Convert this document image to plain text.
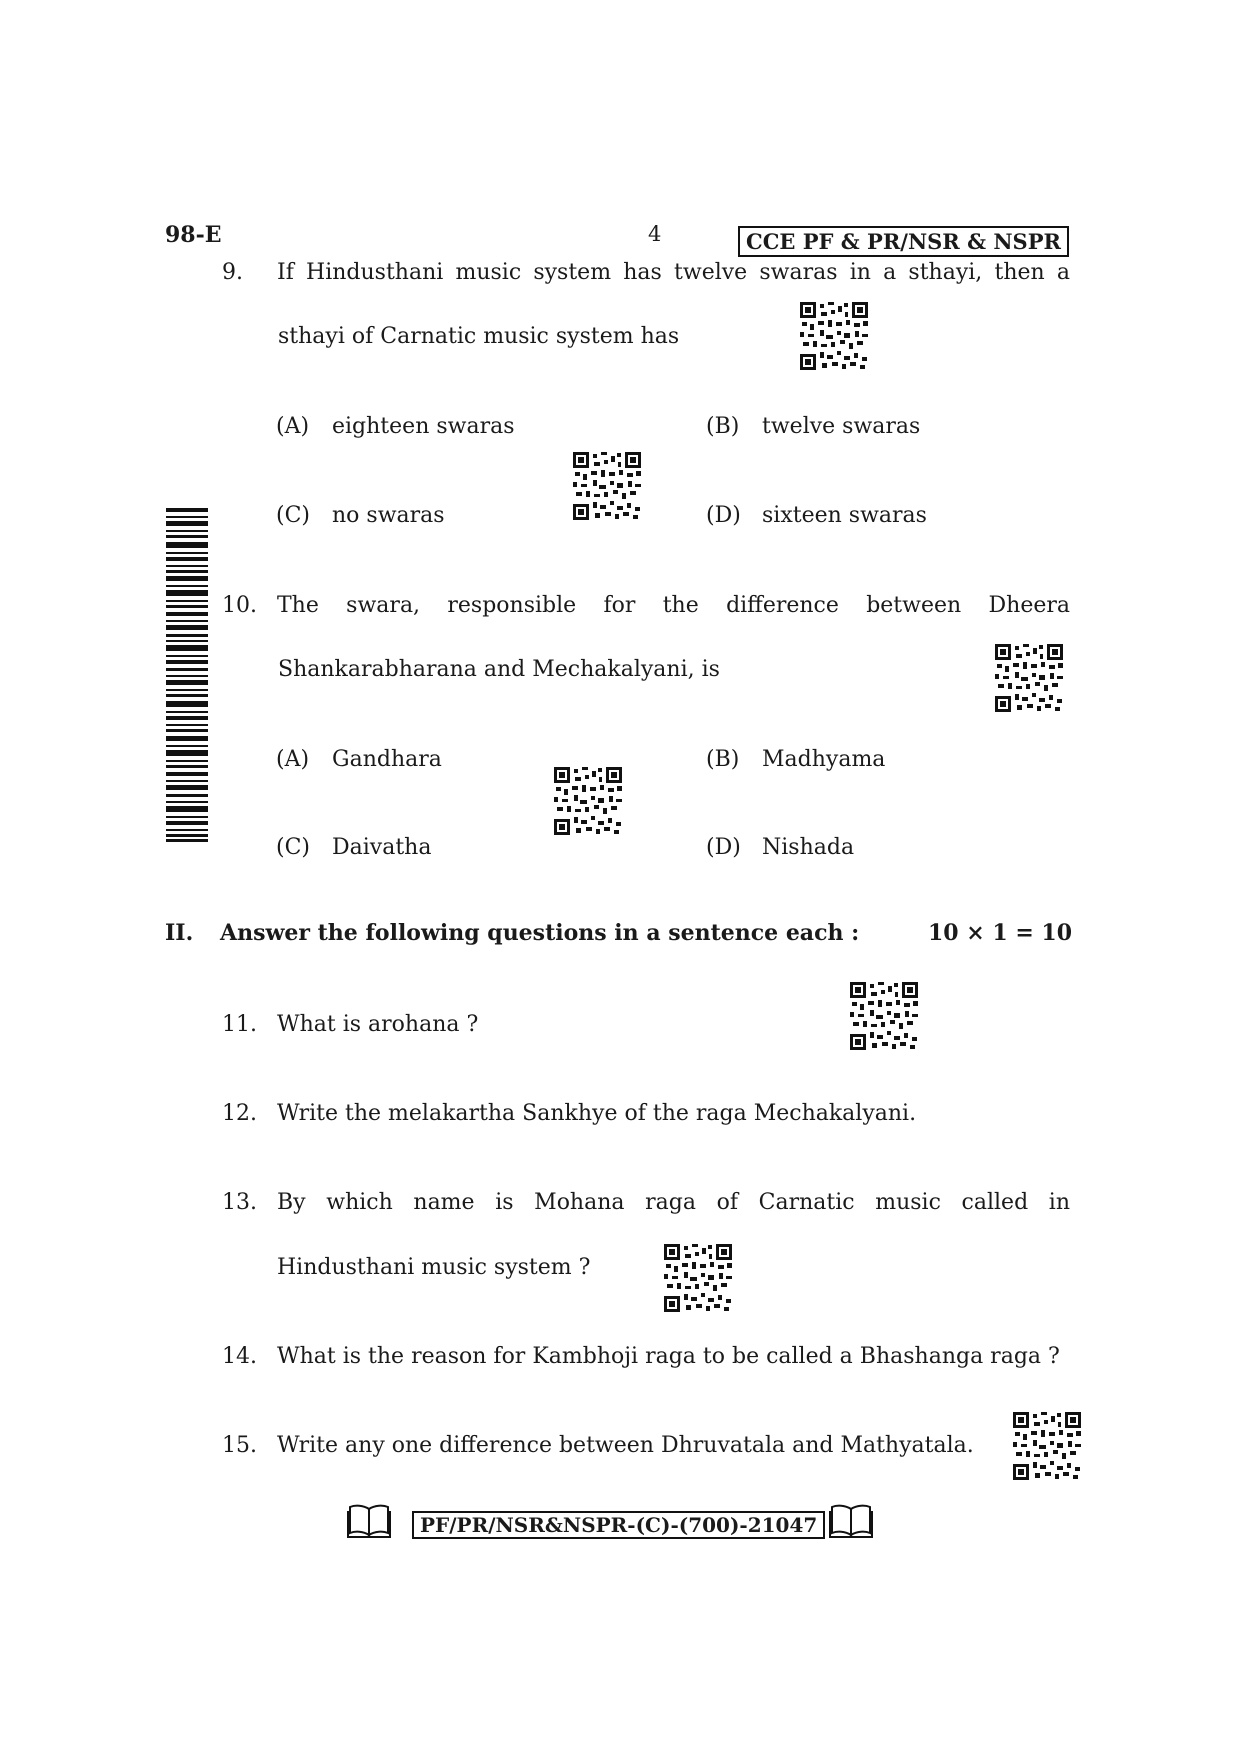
98-E	4	CCE PF & PR/NSR & NSPR
9. If Hindusthani music system has twelve swaras in a sthayi, then a
sthayi of Carnatic music system has
(A) eighteen swaras	(B) twelve swaras
(C) no swaras	(D) sixteen swaras
10. The swara, responsible for the difference between Dheera
Shankarabharana and Mechakalyani, is
(A) Gandhara	(B) Madhyama
(C) Daivatha	(D) Nishada
II. Answer the following questions in a sentence each :	10 × 1 = 10
11. What is arohana ?
12. Write the melakartha Sankhye of the raga Mechakalyani.
13. By which name is Mohana raga of Carnatic music called in
Hindusthani music system ?
14. What is the reason for Kambhoji raga to be called a Bhashanga raga ?
15. Write any one difference between Dhruvatala and Mathyatala.
PF/PR/NSR&NSPR-(C)-(700)-21047
